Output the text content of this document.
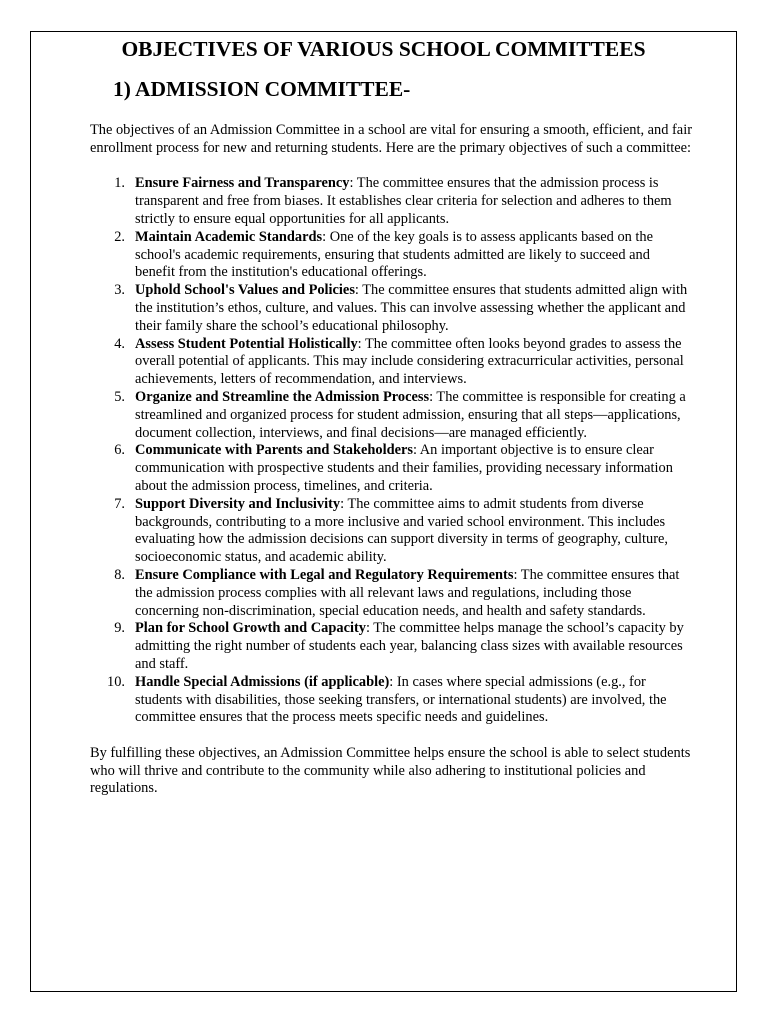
OBJECTIVES OF VARIOUS SCHOOL COMMITTEES
1) ADMISSION COMMITTEE-

The objectives of an Admission Committee in a school are vital for ensuring a smooth, efficient, and fair enrollment process for new and returning students. Here are the primary objectives of such a committee:

1. Ensure Fairness and Transparency: The committee ensures that the admission process is transparent and free from biases. It establishes clear criteria for selection and adheres to them strictly to ensure equal opportunities for all applicants.
2. Maintain Academic Standards: One of the key goals is to assess applicants based on the school's academic requirements, ensuring that students admitted are likely to succeed and benefit from the institution's educational offerings.
3. Uphold School's Values and Policies: The committee ensures that students admitted align with the institution’s ethos, culture, and values. This can involve assessing whether the applicant and their family share the school’s educational philosophy.
4. Assess Student Potential Holistically: The committee often looks beyond grades to assess the overall potential of applicants. This may include considering extracurricular activities, personal achievements, letters of recommendation, and interviews.
5. Organize and Streamline the Admission Process: The committee is responsible for creating a streamlined and organized process for student admission, ensuring that all steps—applications, document collection, interviews, and final decisions—are managed efficiently.
6. Communicate with Parents and Stakeholders: An important objective is to ensure clear communication with prospective students and their families, providing necessary information about the admission process, timelines, and criteria.
7. Support Diversity and Inclusivity: The committee aims to admit students from diverse backgrounds, contributing to a more inclusive and varied school environment. This includes evaluating how the admission decisions can support diversity in terms of geography, culture, socioeconomic status, and academic ability.
8. Ensure Compliance with Legal and Regulatory Requirements: The committee ensures that the admission process complies with all relevant laws and regulations, including those concerning non-discrimination, special education needs, and health and safety standards.
9. Plan for School Growth and Capacity: The committee helps manage the school’s capacity by admitting the right number of students each year, balancing class sizes with available resources and staff.
10. Handle Special Admissions (if applicable): In cases where special admissions (e.g., for students with disabilities, those seeking transfers, or international students) are involved, the committee ensures that the process meets specific needs and guidelines.

By fulfilling these objectives, an Admission Committee helps ensure the school is able to select students who will thrive and contribute to the community while also adhering to institutional policies and regulations.
